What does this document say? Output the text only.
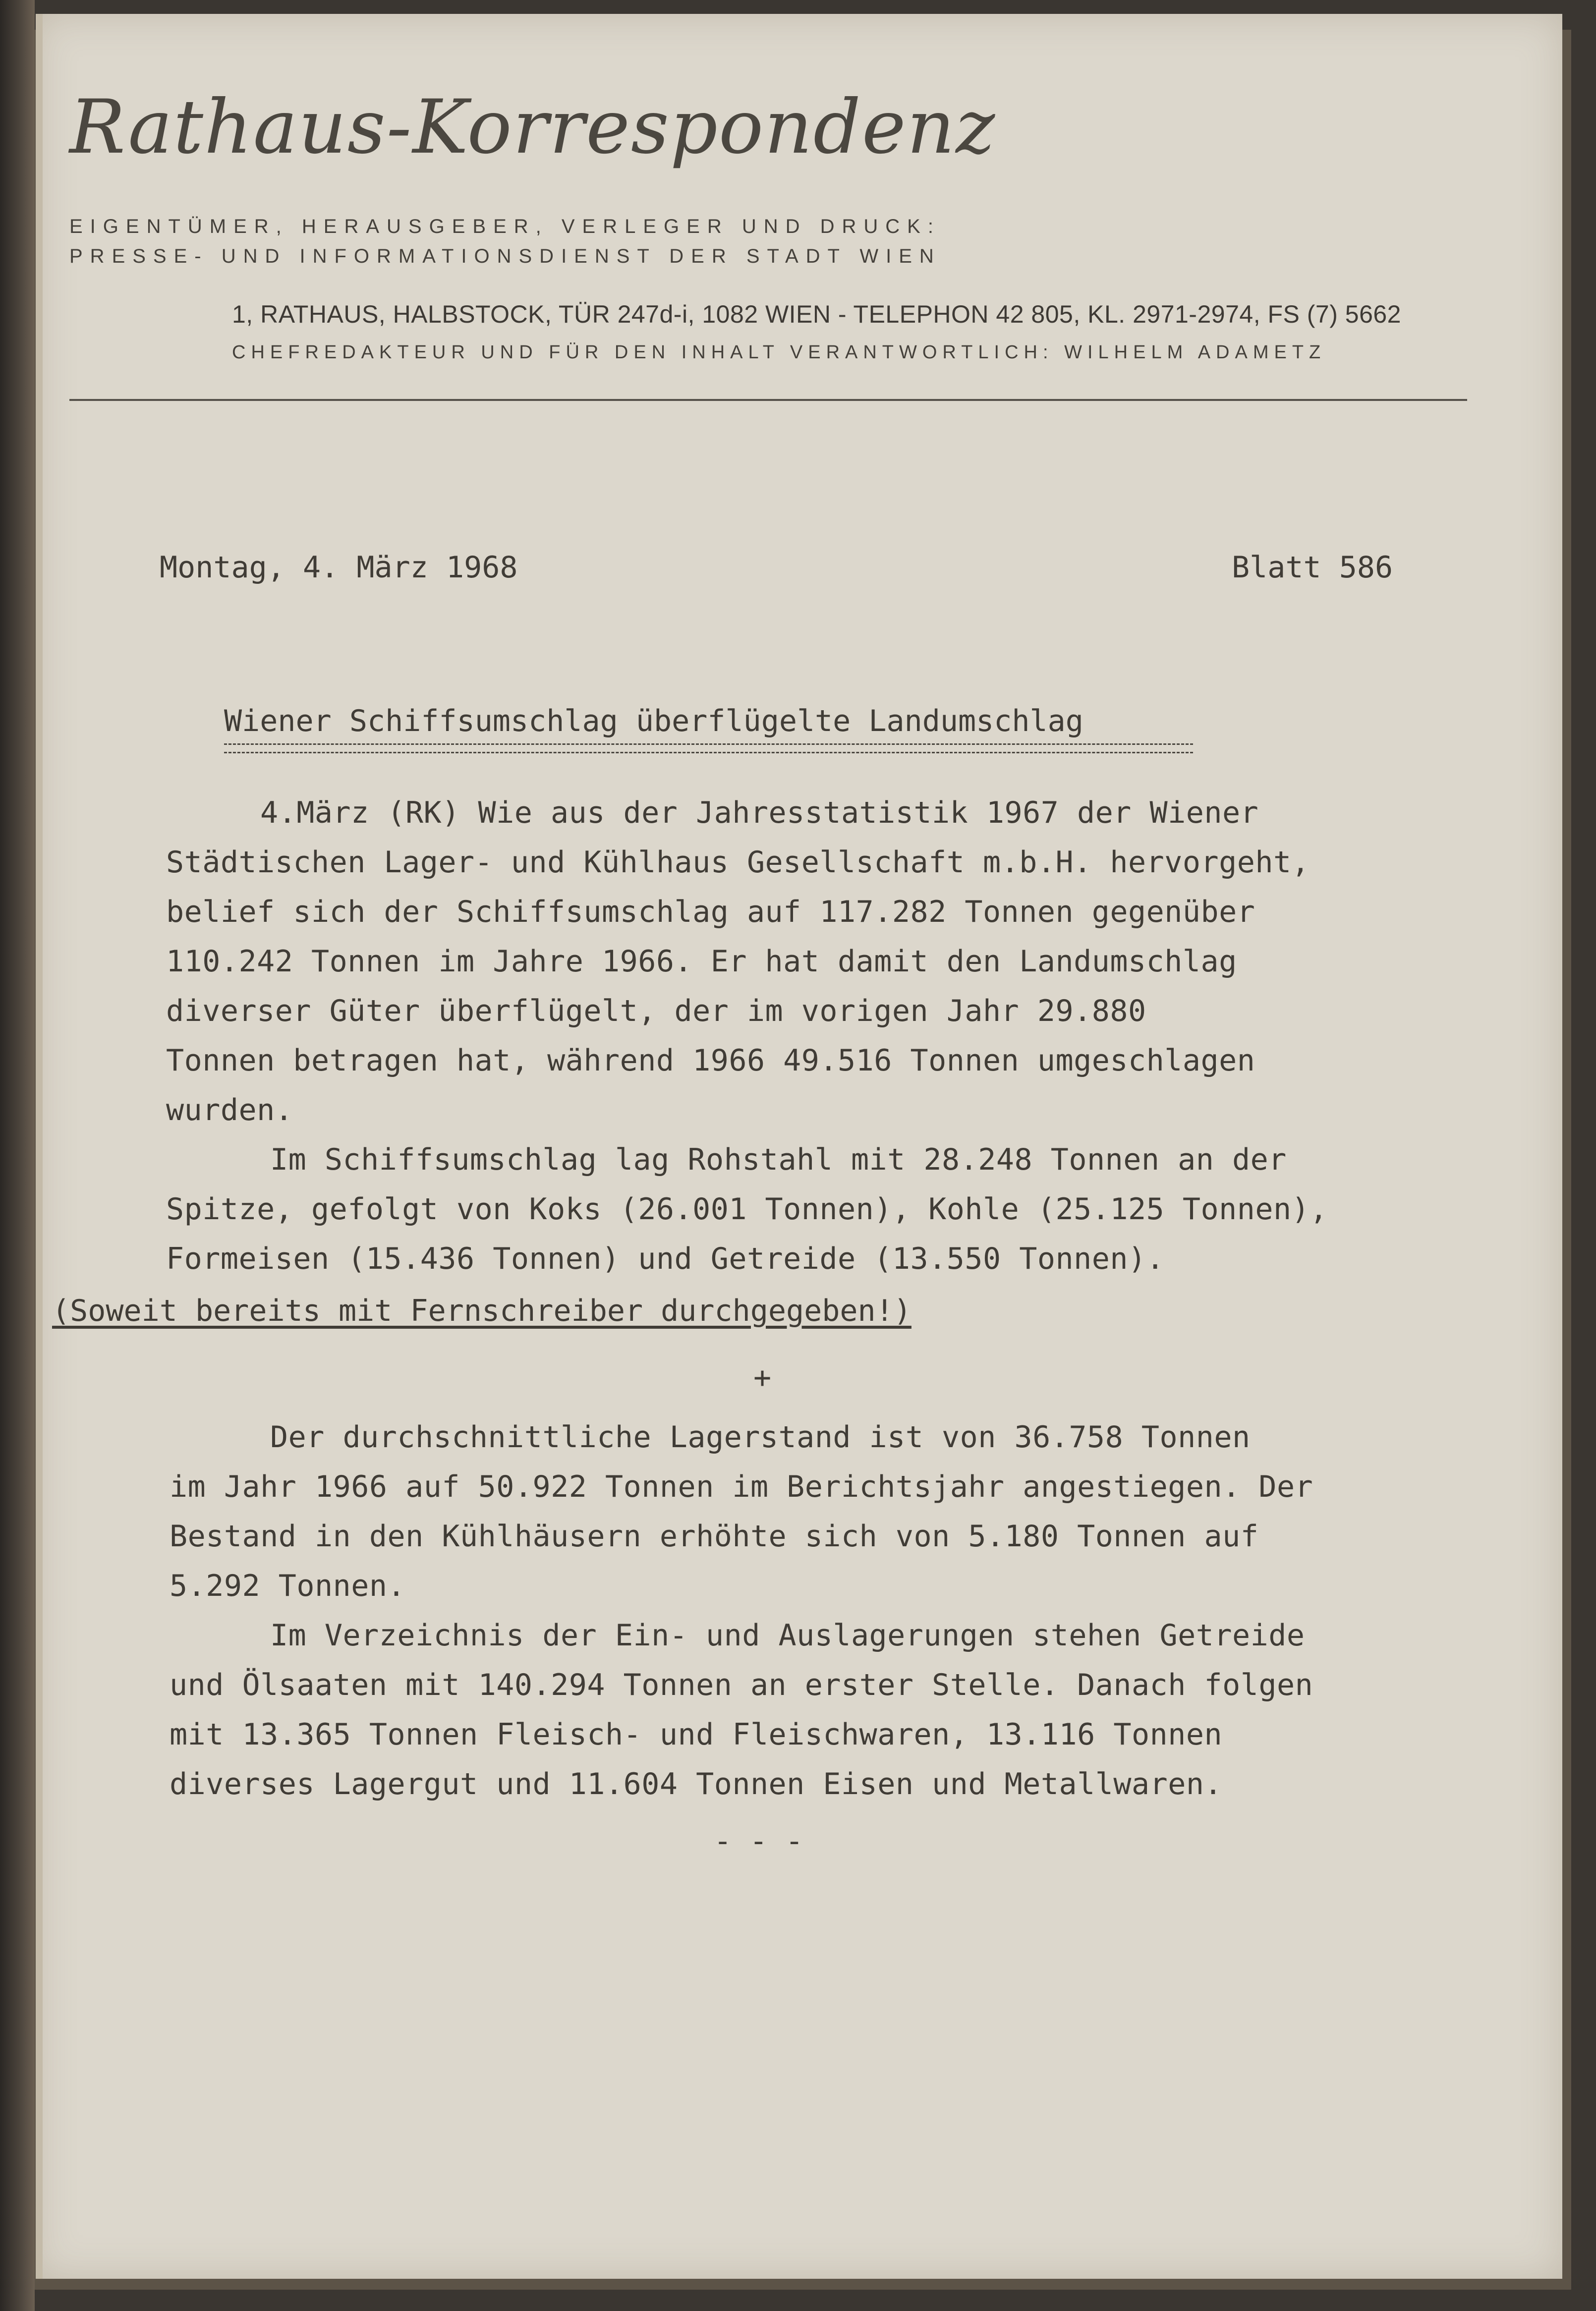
Rathaus-Korrespondenz
EIGENTÜMER, HERAUSGEBER, VERLEGER UND DRUCK:
PRESSE- UND INFORMATIONSDIENST DER STADT WIEN
1, RATHAUS, HALBSTOCK, TÜR 247d-i, 1082 WIEN - TELEPHON 42 805, KL. 2971-2974, FS (7) 5662
CHEFREDAKTEUR UND FÜR DEN INHALT VERANTWORTLICH: WILHELM ADAMETZ
Montag, 4. März 1968	Blatt 586
Wiener Schiffsumschlag überflügelte Landumschlag
4.März (RK) Wie aus der Jahresstatistik 1967 der Wiener
Städtischen Lager- und Kühlhaus Gesellschaft m.b.H. hervorgeht,
belief sich der Schiffsumschlag auf 117.282 Tonnen gegenüber
110.242 Tonnen im Jahre 1966. Er hat damit den Landumschlag
diverser Güter überflügelt, der im vorigen Jahr 29.880
Tonnen betragen hat, während 1966 49.516 Tonnen umgeschlagen
wurden.
Im Schiffsumschlag lag Rohstahl mit 28.248 Tonnen an der
Spitze, gefolgt von Koks (26.001 Tonnen), Kohle (25.125 Tonnen),
Formeisen (15.436 Tonnen) und Getreide (13.550 Tonnen).
(Soweit bereits mit Fernschreiber durchgegeben!)
+
Der durchschnittliche Lagerstand ist von 36.758 Tonnen
im Jahr 1966 auf 50.922 Tonnen im Berichtsjahr angestiegen. Der
Bestand in den Kühlhäusern erhöhte sich von 5.180 Tonnen auf
5.292 Tonnen.
Im Verzeichnis der Ein- und Auslagerungen stehen Getreide
und Ölsaaten mit 140.294 Tonnen an erster Stelle. Danach folgen
mit 13.365 Tonnen Fleisch- und Fleischwaren, 13.116 Tonnen
diverses Lagergut und 11.604 Tonnen Eisen und Metallwaren.
- - -
